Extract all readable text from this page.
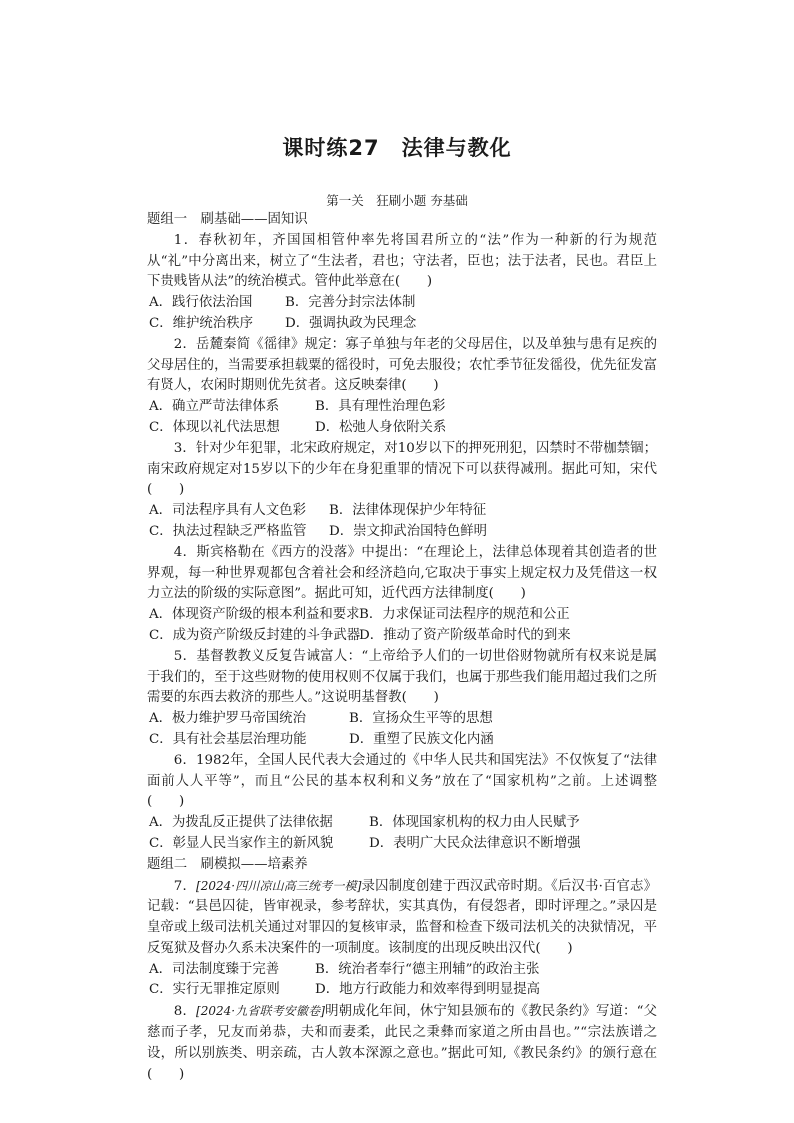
课时练27　法律与教化
第一关　狂刷小题 夯基础
题组一　刷基础——固知识

1．春秋初年，齐国国相管仲率先将国君所立的“法”作为一种新的行为规范从“礼”中分离出来，树立了“生法者，君也；守法者，臣也；法于法者，民也。君臣上下贵贱皆从法”的统治模式。管仲此举意在(　　)

A．践行依法治国	B．完善分封宗法体制
C．维护统治秩序	D．强调执政为民理念

2．岳麓秦简《徭律》规定：寡子单独与年老的父母居住，以及单独与患有足疾的父母居住的，当需要承担载粟的徭役时，可免去服役；农忙季节征发徭役，优先征发富有贤人，农闲时期则优先贫者。这反映秦律(　　)

A．确立严苛法律体系	B．具有理性治理色彩
C．体现以礼代法思想	D．松弛人身依附关系

3．针对少年犯罪，北宋政府规定，对10岁以下的押死刑犯，囚禁时不带枷禁锢；南宋政府规定对15岁以下的少年在身犯重罪的情况下可以获得减刑。据此可知，宋代(　　)

A．司法程序具有人文色彩	B．法律体现保护少年特征
C．执法过程缺乏严格监管	D．崇文抑武治国特色鲜明

4．斯宾格勒在《西方的没落》中提出：“在理论上，法律总体现着其创造者的世界观，每一种世界观都包含着社会和经济趋向,它取决于事实上规定权力及凭借这一权力立法的阶级的实际意图”。据此可知，近代西方法律制度(　　)

A．体现资产阶级的根本利益和要求 B．力求保证司法程序的规范和公正
C．成为资产阶级反封建的斗争武器
D．推动了资产阶级革命时代的到来

5．基督教教义反复告诫富人：“上帝给予人们的一切世俗财物就所有权来说是属于我们的，至于这些财物的使用权则不仅属于我们，也属于那些我们能用超过我们之所需要的东西去救济的那些人。”这说明基督教(　　)

A．极力维护罗马帝国统治	B．宣扬众生平等的思想
C．具有社会基层治理功能	D．重塑了民族文化内涵

6．1982年，全国人民代表大会通过的《中华人民共和国宪法》不仅恢复了“法律面前人人平等”，而且“公民的基本权利和义务”放在了“国家机构”之前。上述调整(　　)

A．为拨乱反正提供了法律依据	B．体现国家机构的权力由人民赋予
C．彰显人民当家作主的新风貌	D．表明广大民众法律意识不断增强
题组二　刷模拟——培素养

7．[2024·四川凉山高三统考一模]录囚制度创建于西汉武帝时期。《后汉书·百官志》记载：“县邑囚徒，皆审视录，参考辞状，实其真伪，有侵怨者，即时评理之。”录囚是皇帝或上级司法机关通过对罪囚的复核审录，监督和检查下级司法机关的决狱情况，平反冤狱及督办久系未决案件的一项制度。该制度的出现反映出汉代(　　)

A．司法制度臻于完善	B．统治者奉行“德主刑辅”的政治主张
C．实行无罪推定原则	D．地方行政能力和效率得到明显提高

8．[2024·九省联考安徽卷]明朝成化年间，休宁知县颁布的《教民条约》写道：“父慈而子孝，兄友而弟恭，夫和而妻柔，此民之秉彝而家道之所由昌也。”“宗法族谱之设，所以别族类、明亲疏，古人敦本深源之意也。”据此可知,《教民条约》的颁行意在(　　)
